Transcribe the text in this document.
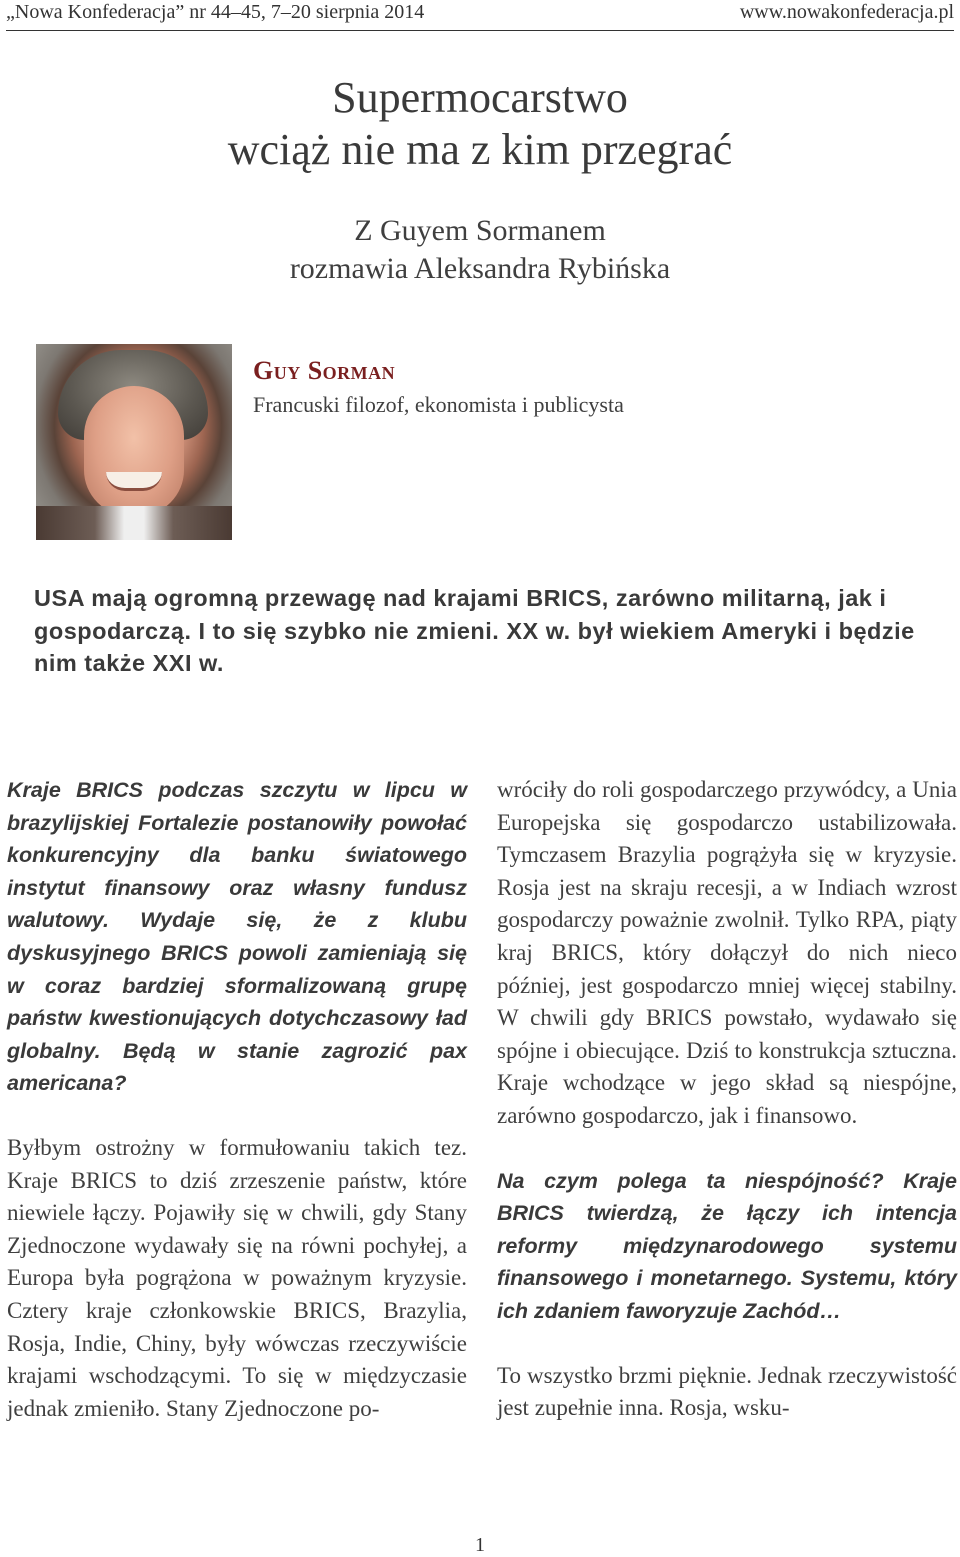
„Nowa Konfederacja” nr 44–45, 7–20 sierpnia 2014	www.nowakonfederacja.pl
Supermocarstwo
wciąż nie ma z kim przegrać
Z Guyem Sormanem
rozmawia Aleksandra Rybińska
Guy Sorman
Francuski filozof, ekonomista i publicysta
USA mają ogromną przewagę nad krajami BRICS, zarówno militarną, jak i gospodarczą. I to się szybko nie zmieni. XX w. był wiekiem Ameryki i będzie nim także XXI w.

Kraje BRICS podczas szczytu w lipcu w brazylijskiej Fortalezie postanowiły powołać konkurencyjny dla banku światowego instytut finansowy oraz własny fundusz walutowy. Wydaje się, że z klubu dyskusyjnego BRICS powoli zamieniają się w coraz bardziej sformalizowaną grupę państw kwestionujących dotychczasowy ład globalny. Będą w stanie zagrozić pax americana?

Byłbym ostrożny w formułowaniu takich tez. Kraje BRICS to dziś zrzeszenie państw, które niewiele łączy. Pojawiły się w chwili, gdy Stany Zjednoczone wydawały się na równi pochyłej, a Europa była pogrążona w poważnym kryzysie. Cztery kraje członkowskie BRICS, Brazylia, Rosja, Indie, Chiny, były wówczas rzeczywiście krajami wschodzącymi. To się w międzyczasie jednak zmieniło. Stany Zjednoczone po-

wróciły do roli gospodarczego przywódcy, a Unia Europejska się gospodarczo ustabilizowała. Tymczasem Brazylia pogrążyła się w kryzysie. Rosja jest na skraju recesji, a w Indiach wzrost gospodarczy poważnie zwolnił. Tylko RPA, piąty kraj BRICS, który dołączył do nich nieco później, jest gospodarczo mniej więcej stabilny. W chwili gdy BRICS powstało, wydawało się spójne i obiecujące. Dziś to konstrukcja sztuczna. Kraje wchodzące w jego skład są niespójne, zarówno gospodarczo, jak i finansowo.

Na czym polega ta niespójność? Kraje BRICS twierdzą, że łączy ich intencja reformy międzynarodowego systemu finansowego i monetarnego. Systemu, który ich zdaniem faworyzuje Zachód…

To wszystko brzmi pięknie. Jednak rzeczywistość jest zupełnie inna. Rosja, wsku-

1
